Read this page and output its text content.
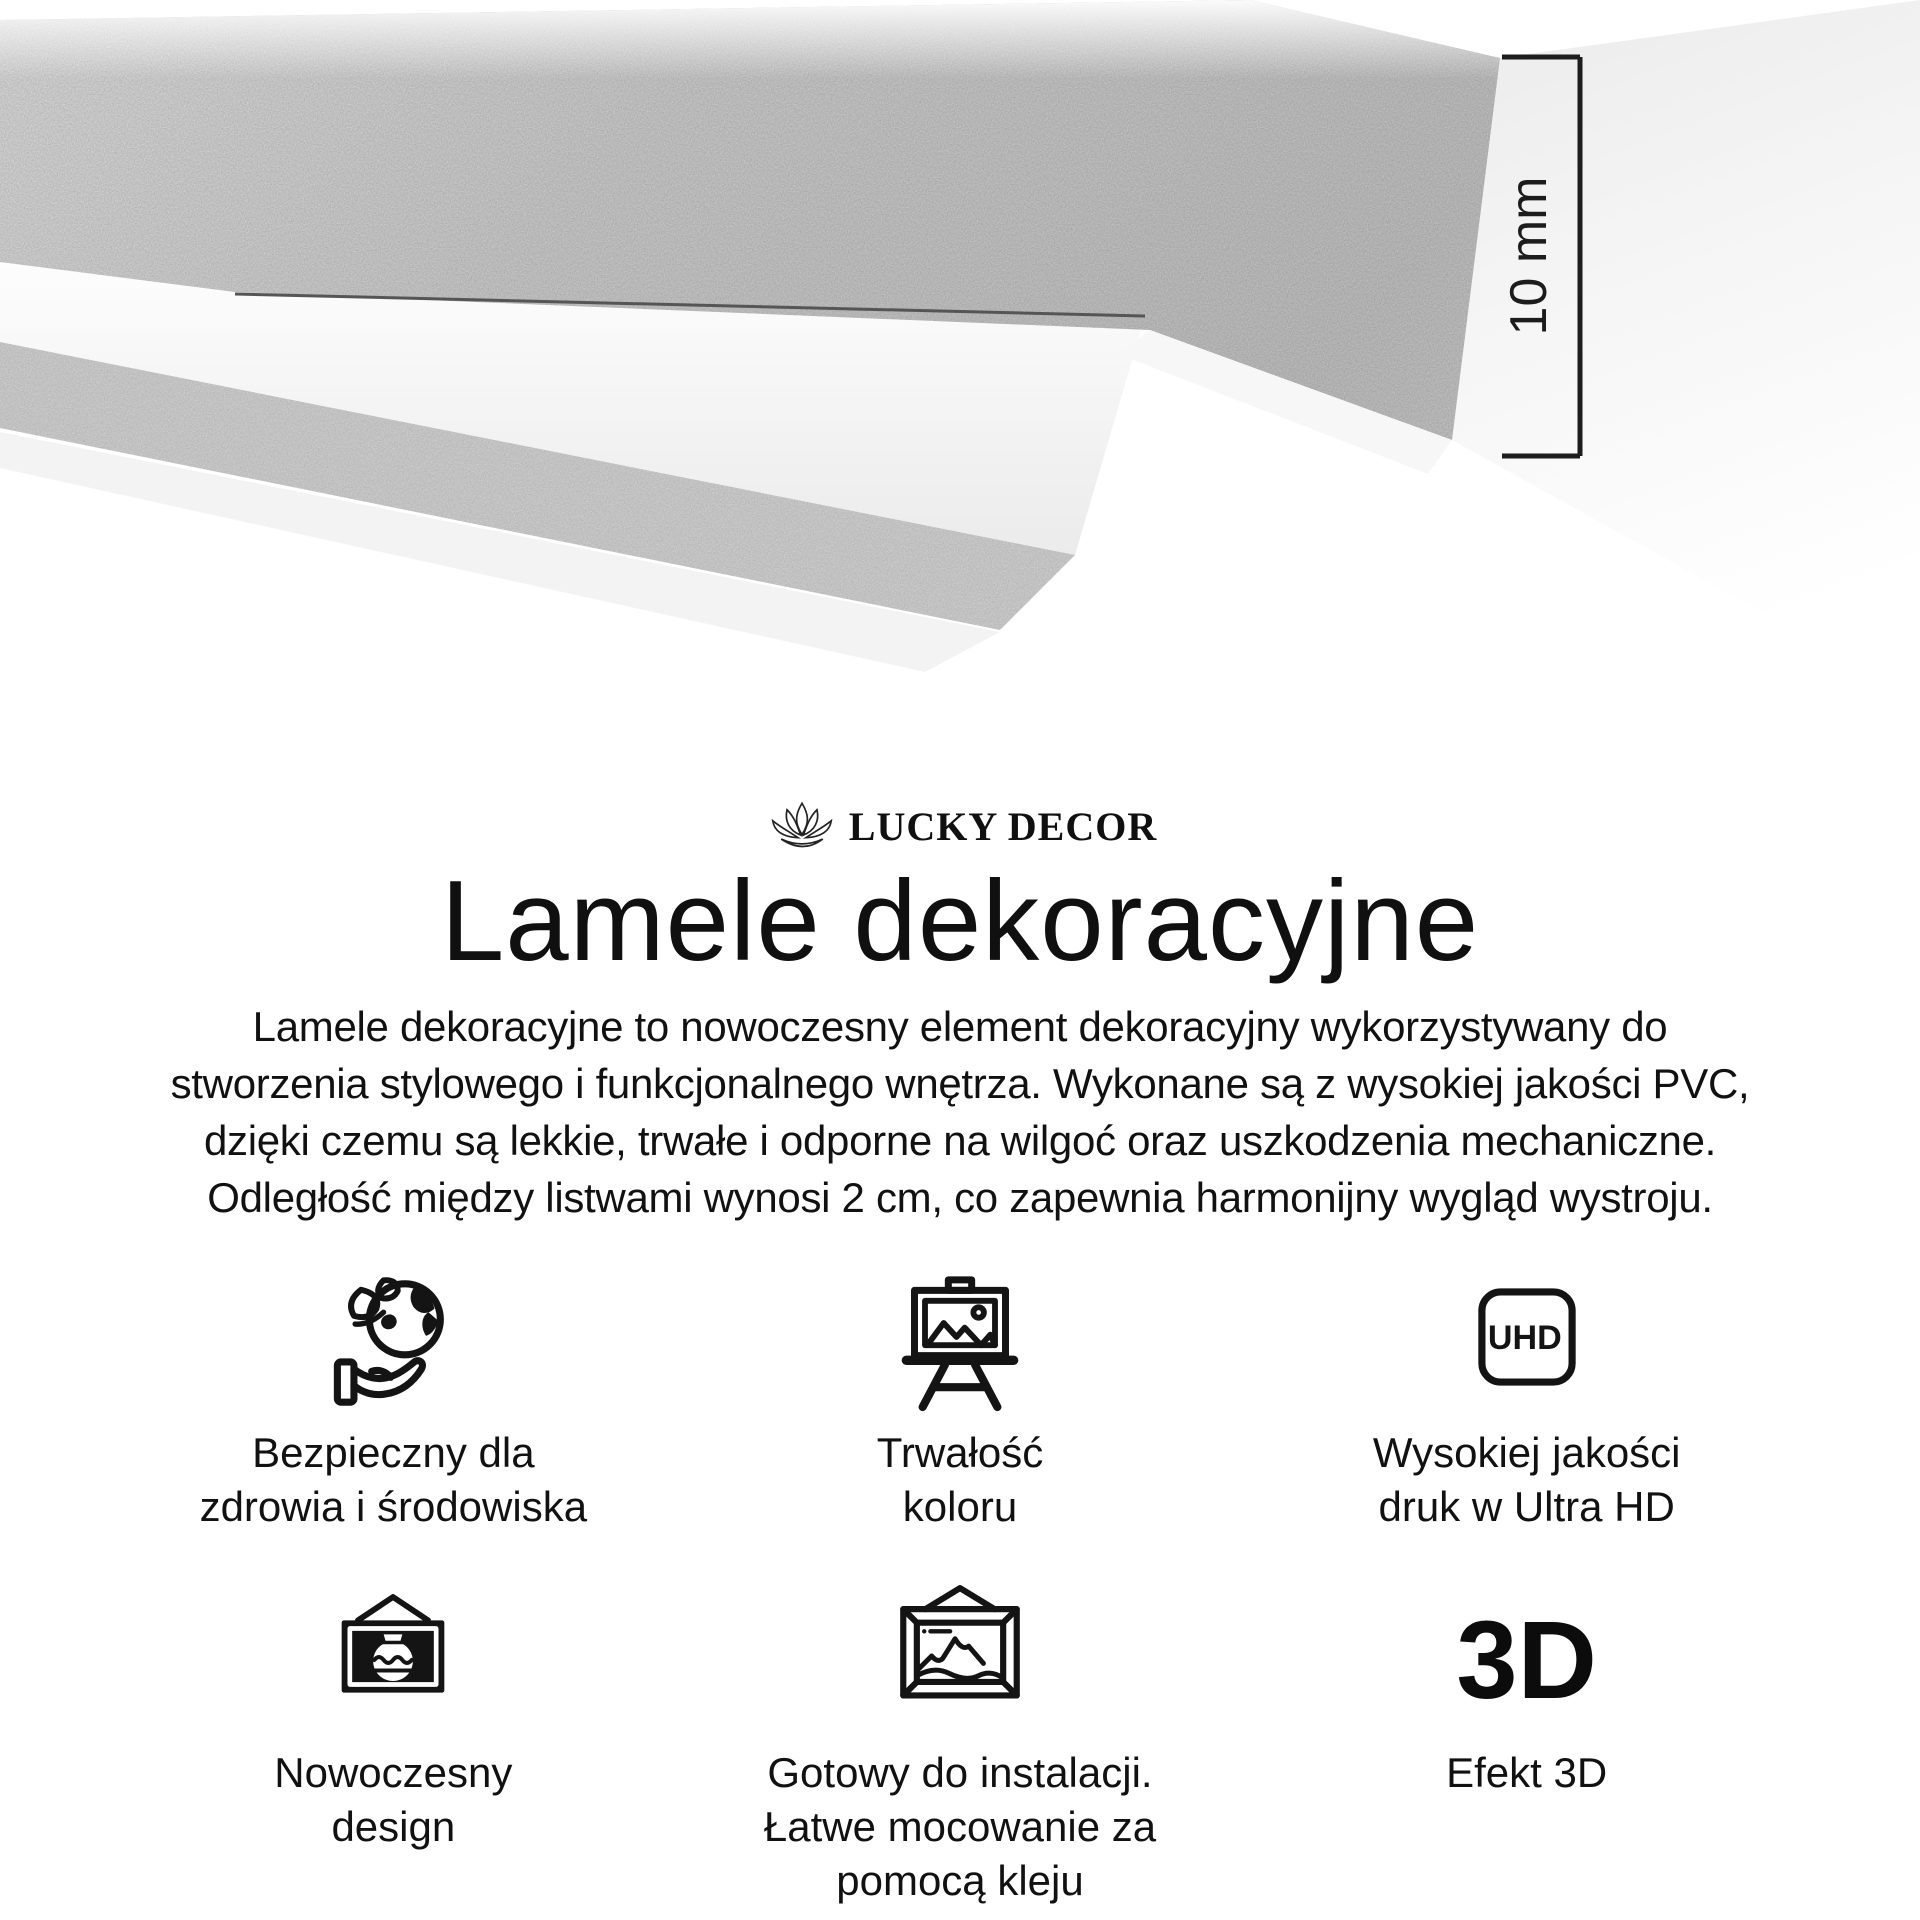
10 mm
LUCKY DECOR
Lamele dekoracyjne
Lamele dekoracyjne to nowoczesny element dekoracyjny wykorzystywany do
stworzenia stylowego i funkcjonalnego wnętrza. Wykonane są z wysokiej jakości PVC,
dzięki czemu są lekkie, trwałe i odporne na wilgoć oraz uszkodzenia mechaniczne.
Odległość między listwami wynosi 2 cm, co zapewnia harmonijny wygląd wystroju.
Bezpieczny dla
zdrowia i środowiska
Trwałość
koloru
UHD
Wysokiej jakości
druk w Ultra HD
Nowoczesny
design
Gotowy do instalacji.
Łatwe mocowanie za
pomocą kleju
3D
Efekt 3D
